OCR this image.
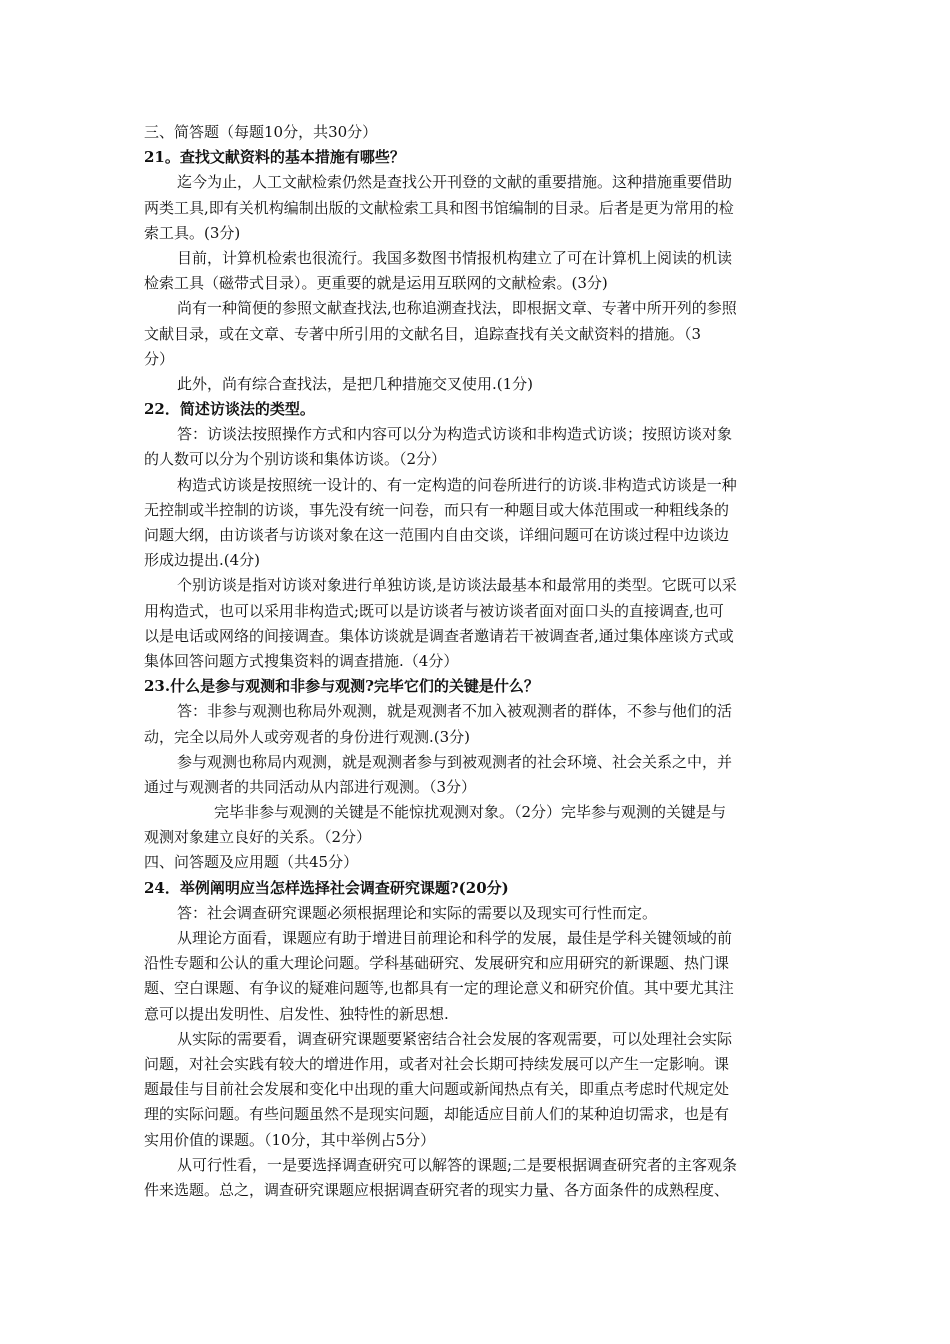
三、简答题（每题10分，共30分）
21。查找文献资料的基本措施有哪些？
迄今为止，人工文献检索仍然是查找公开刊登的文献的重要措施。这种措施重要借助
两类工具,即有关机构编制出版的文献检索工具和图书馆编制的目录。后者是更为常用的检
索工具。(3分)
目前，计算机检索也很流行。我国多数图书情报机构建立了可在计算机上阅读的机读
检索工具（磁带式目录）。更重要的就是运用互联网的文献检索。(3分)
尚有一种简便的参照文献查找法,也称追溯查找法，即根据文章、专著中所开列的参照
文献目录，或在文章、专著中所引用的文献名目，追踪查找有关文献资料的措施。（3
分）
此外，尚有综合查找法，是把几种措施交叉使用.(1分)
22．简述访谈法的类型。
答：访谈法按照操作方式和内容可以分为构造式访谈和非构造式访谈；按照访谈对象
的人数可以分为个别访谈和集体访谈。（2分）
构造式访谈是按照统一设计的、有一定构造的问卷所进行的访谈.非构造式访谈是一种
无控制或半控制的访谈，事先没有统一问卷，而只有一种题目或大体范围或一种粗线条的
问题大纲，由访谈者与访谈对象在这一范围内自由交谈，详细问题可在访谈过程中边谈边
形成边提出.(4分)
个别访谈是指对访谈对象进行单独访谈,是访谈法最基本和最常用的类型。它既可以采
用构造式，也可以采用非构造式;既可以是访谈者与被访谈者面对面口头的直接调查,也可
以是电话或网络的间接调查。集体访谈就是调查者邀请若干被调查者,通过集体座谈方式或
集体回答问题方式搜集资料的调查措施.（4分）
23.什么是参与观测和非参与观测?完毕它们的关键是什么？
答：非参与观测也称局外观测，就是观测者不加入被观测者的群体，不参与他们的活
动，完全以局外人或旁观者的身份进行观测.(3分)
参与观测也称局内观测，就是观测者参与到被观测者的社会环境、社会关系之中，并
通过与观测者的共同活动从内部进行观测。（3分）
完毕非参与观测的关键是不能惊扰观测对象。（2分）完毕参与观测的关键是与
观测对象建立良好的关系。（2分）
四、问答题及应用题（共45分）
24．举例阐明应当怎样选择社会调查研究课题?(20分)
答：社会调查研究课题必须根据理论和实际的需要以及现实可行性而定。
从理论方面看，课题应有助于增进目前理论和科学的发展，最佳是学科关键领域的前
沿性专题和公认的重大理论问题。学科基础研究、发展研究和应用研究的新课题、热门课
题、空白课题、有争议的疑难问题等,也都具有一定的理论意义和研究价值。其中要尤其注
意可以提出发明性、启发性、独特性的新思想.
从实际的需要看，调查研究课题要紧密结合社会发展的客观需要，可以处理社会实际
问题，对社会实践有较大的增进作用，或者对社会长期可持续发展可以产生一定影响。课
题最佳与目前社会发展和变化中出现的重大问题或新闻热点有关，即重点考虑时代规定处
理的实际问题。有些问题虽然不是现实问题，却能适应目前人们的某种迫切需求，也是有
实用价值的课题。（10分，其中举例占5分）
从可行性看，一是要选择调查研究可以解答的课题;二是要根据调查研究者的主客观条
件来选题。总之，调查研究课题应根据调查研究者的现实力量、各方面条件的成熟程度、
